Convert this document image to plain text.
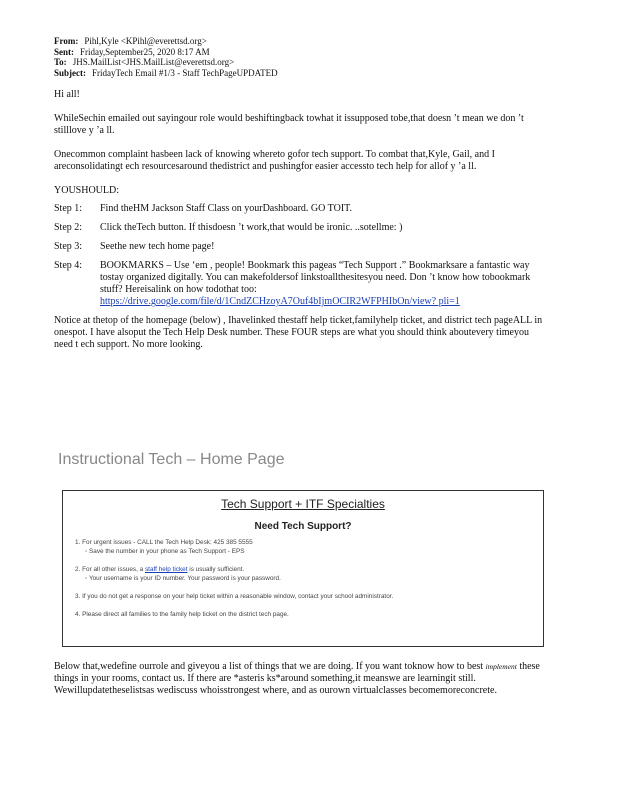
From: Pihl,Kyle <KPihl@everettsd.org>
Sent: Friday,September25, 2020 8:17 AM
To: JHS.MailList<JHS.MailList@everettsd.org>
Subject: FridayTech Email #1/3 - Staff TechPageUPDATED

Hi all!

WhileSechin emailed out sayingour role would beshiftingback towhat it issupposed tobe,that doesn ’t mean we don ’t stilllove y ’a ll.

Onecommon complaint hasbeen lack of knowing whereto gofor tech support. To combat that,Kyle, Gail, and I areconsolidatingt ech resourcesaround thedistrict and pushingfor easier accessto tech help for allof y ’a ll.

YOUSHOULD:

Step 1:	Find theHM Jackson Staff Class on yourDashboard. GO TOIT.
Step 2:	Click theTech button. If thisdoesn ’t work,that would be ironic. ..sotellme: )
Step 3:	Seethe new tech home page!
Step 4:	BOOKMARKS – Use ‘em , people! Bookmark this pageas “Tech Support .” Bookmarksare a fantastic way tostay organized digitally. You can makefoldersof linkstoallthesitesyou need. Don ’t know how tobookmark stuff? Hereisalink on how todothat too:
https://drive.google.com/file/d/1CndZCHzoyA7Ouf4bIjmOCIR2WFPHIbOn/view? pli=1

Notice at thetop of the homepage (below) , Ihavelinked thestaff help ticket,familyhelp ticket, and district tech pageALL in onespot. I have alsoput the Tech Help Desk number. These FOUR steps are what you should think aboutevery timeyou need t ech support. No more looking.

Instructional Tech – Home Page
Tech Support + ITF Specialties
Need Tech Support?
1. For urgent issues - CALL the Tech Help Desk: 425 385 5555
◦ Save the number in your phone as Tech Support - EPS
2. For all other issues, a staff help ticket is usually sufficient.
◦ Your username is your ID number. Your password is your password.
3. If you do not get a response on your help ticket within a reasonable window, contact your school administrator.
4. Please direct all families to the family help ticket on the district tech page.
Below that,wedefine ourrole and giveyou a list of things that we are doing. If you want toknow how to best implement these things in your rooms, contact us. If there are *asteris ks*around something,it meanswe are learningit still. Wewillupdatetheselistsas wediscuss whoisstrongest where, and as ourown virtualclasses becomemoreconcrete.
